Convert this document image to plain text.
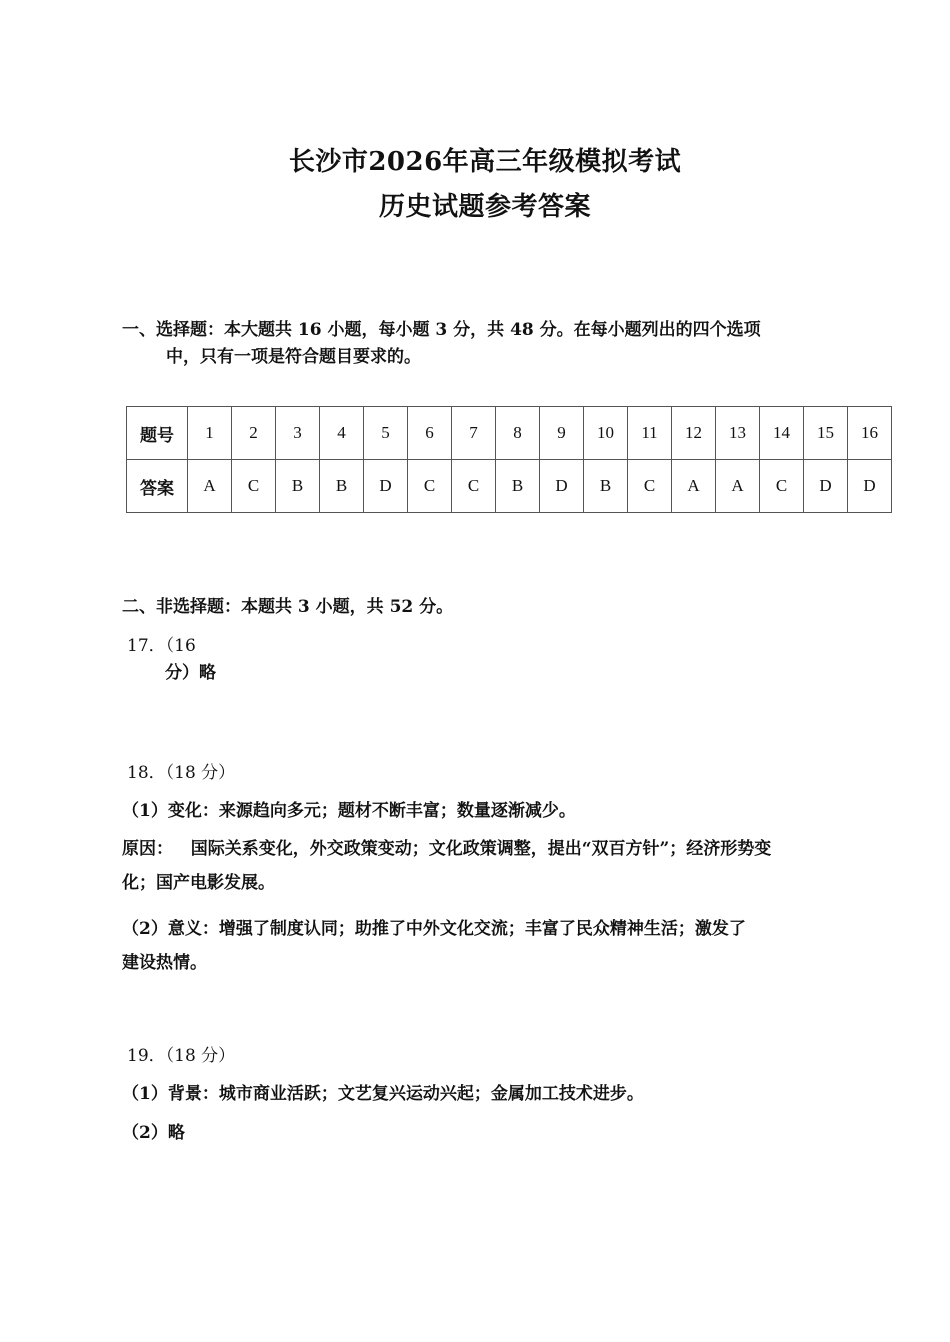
长沙市2026年高三年级模拟考试
历史试题参考答案
一、选择题：本大题共 16 小题，每小题 3 分，共 48 分。在每小题列出的四个选项
中，只有一项是符合题目要求的。
题号	1	2	3	4	5	6	7	8	9	10	11	12	13	14	15	16
答案	A	C	B	B	D	C	C	B	D	B	C	A	A	C	D	D
二、非选择题：本题共 3 小题，共 52 分。
17．（16
分）略
18．（18 分）
（1）变化：来源趋向多元；题材不断丰富；数量逐渐减少。
原因：   国际关系变化，外交政策变动；文化政策调整，提出“双百方针”；经济形势变
化；国产电影发展。
（2）意义：增强了制度认同；助推了中外文化交流；丰富了民众精神生活；激发了
建设热情。
19．（18 分）
（1）背景：城市商业活跃；文艺复兴运动兴起；金属加工技术进步。
（2）略
